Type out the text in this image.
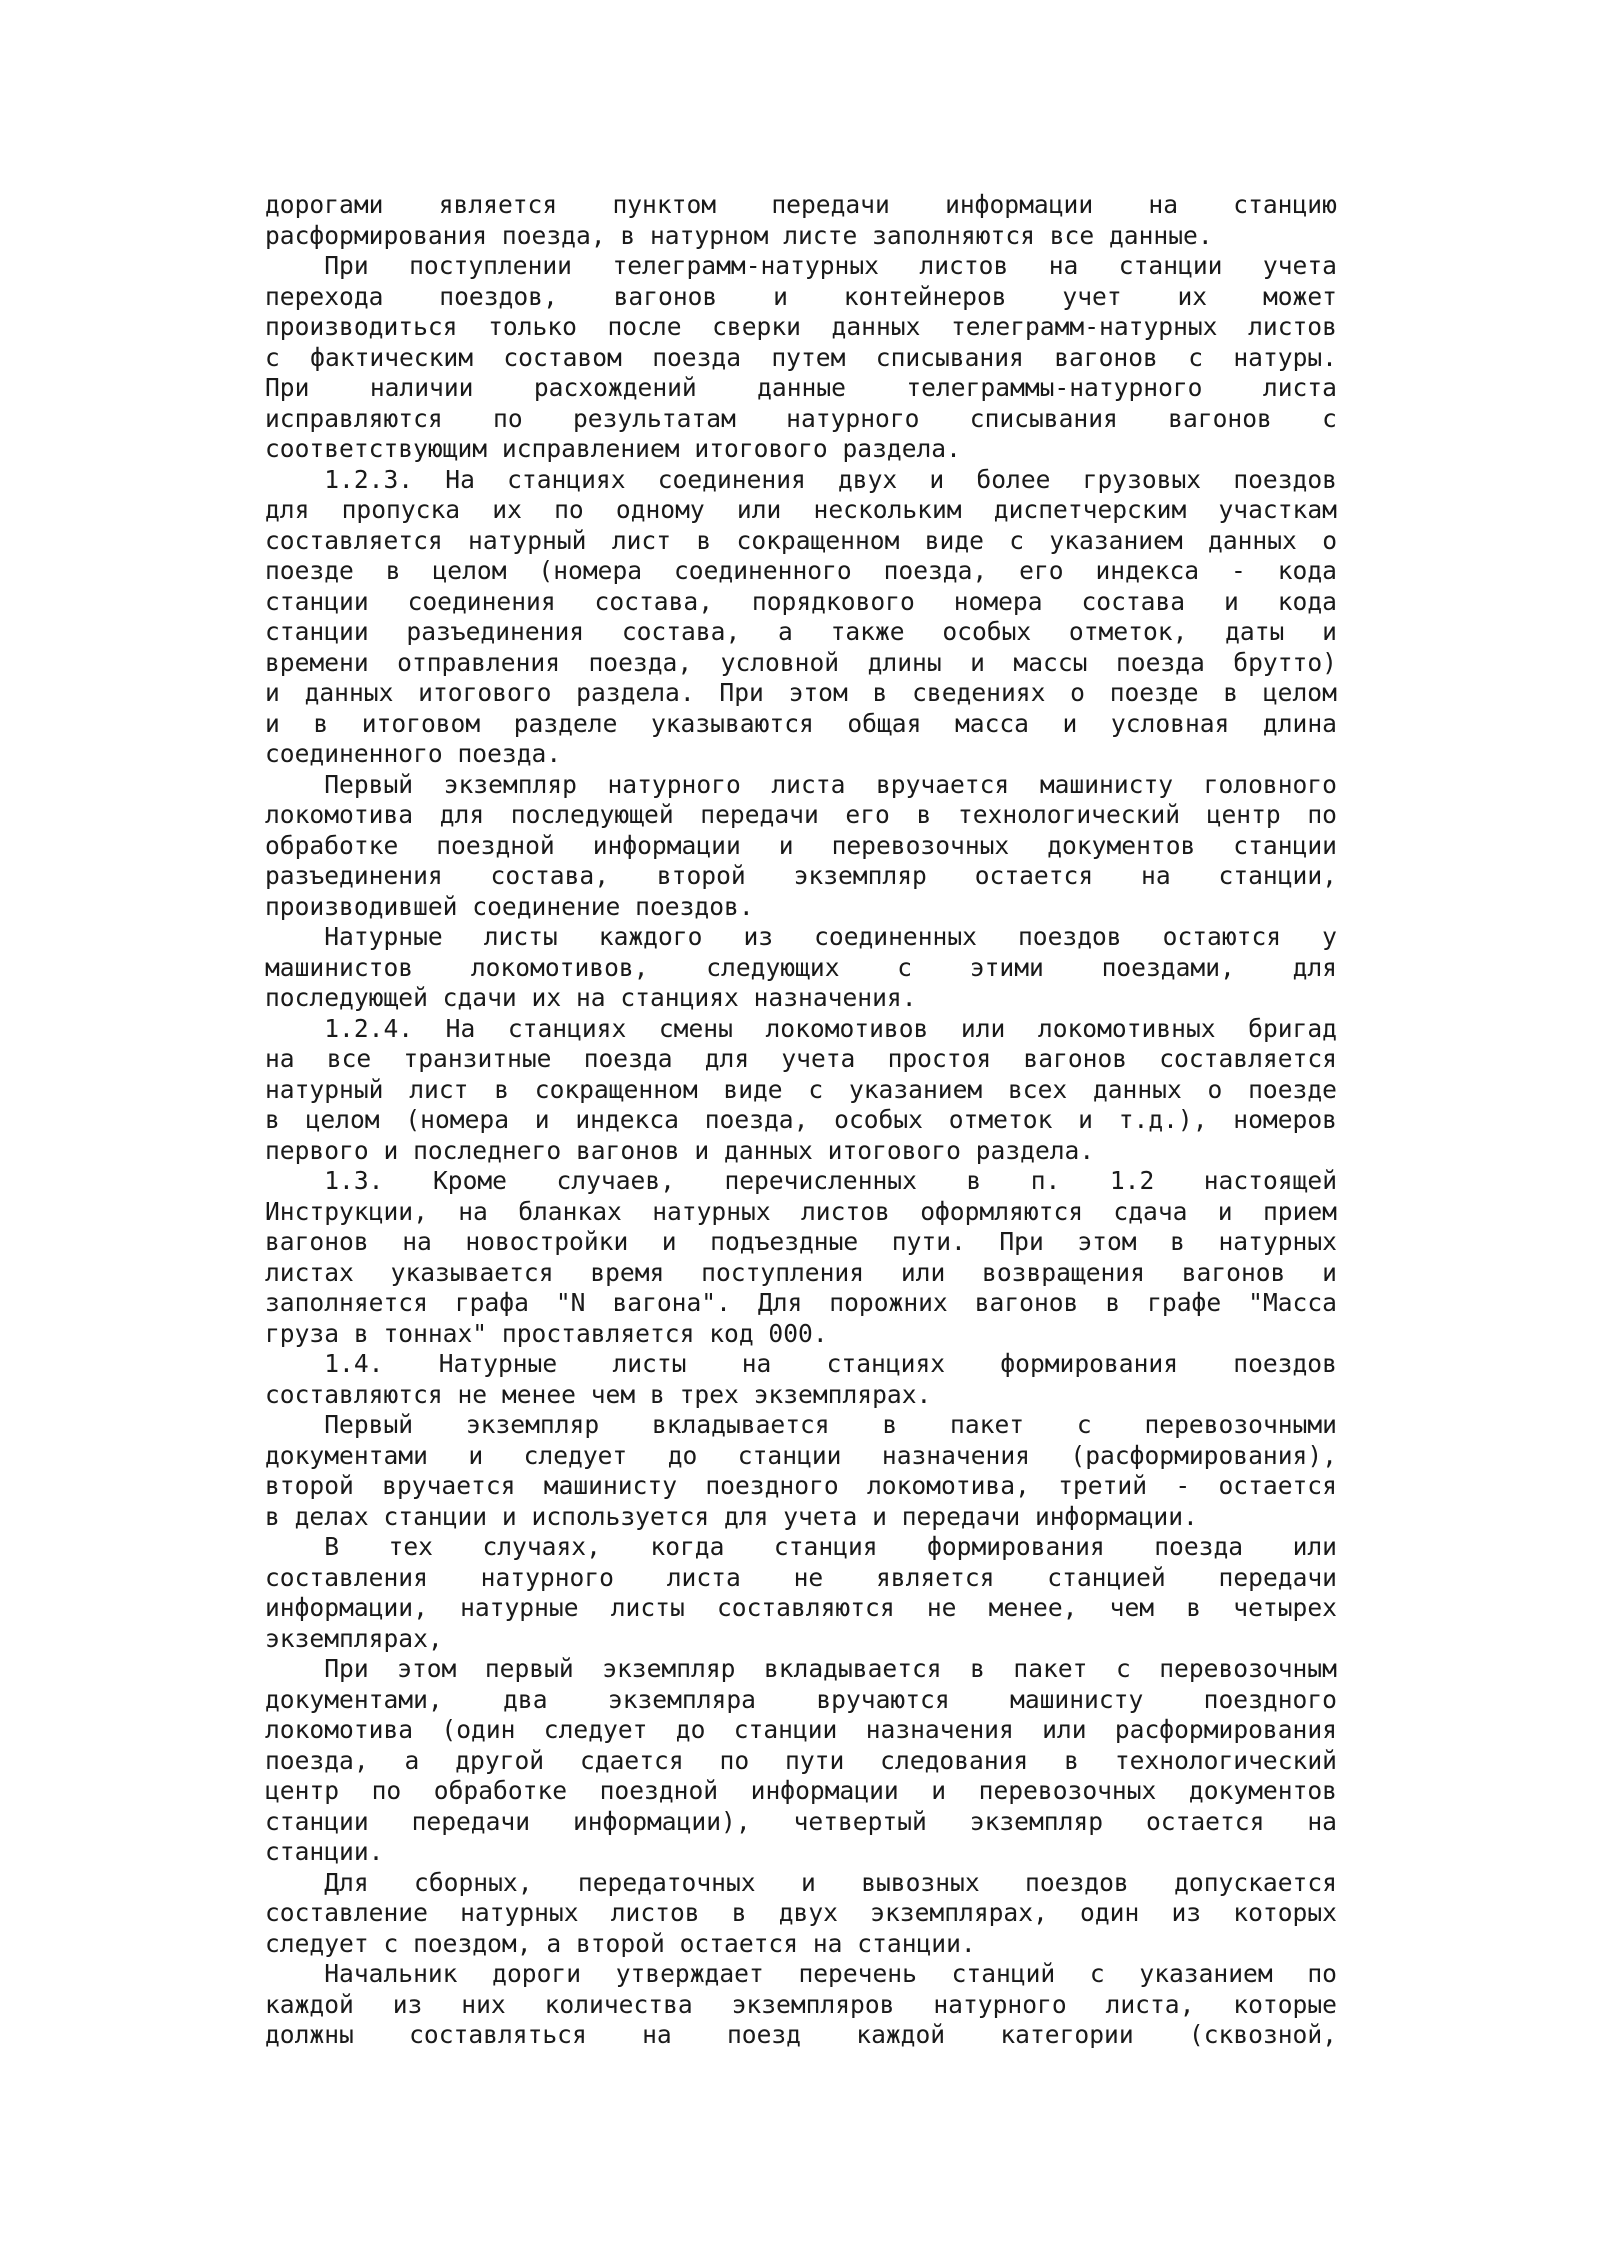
дорогами является пунктом передачи информации на станцию
расформирования поезда, в натурном листе заполняются все данные.
При поступлении телеграмм-натурных листов на станции учета
перехода поездов, вагонов и контейнеров учет их может
производиться только после сверки данных телеграмм-натурных листов
с фактическим составом поезда путем списывания вагонов с натуры.
При наличии расхождений данные телеграммы-натурного листа
исправляются по результатам натурного списывания вагонов с
соответствующим исправлением итогового раздела.
1.2.3. На станциях соединения двух и более грузовых поездов
для пропуска их по одному или нескольким диспетчерским участкам
составляется натурный лист в сокращенном виде с указанием данных о
поезде в целом (номера соединенного поезда, его индекса - кода
станции соединения состава, порядкового номера состава и кода
станции разъединения состава, а также особых отметок, даты и
времени отправления поезда, условной длины и массы поезда брутто)
и данных итогового раздела. При этом в сведениях о поезде в целом
и в итоговом разделе указываются общая масса и условная длина
соединенного поезда.
Первый экземпляр натурного листа вручается машинисту головного
локомотива для последующей передачи его в технологический центр по
обработке поездной информации и перевозочных документов станции
разъединения состава, второй экземпляр остается на станции,
производившей соединение поездов.
Натурные листы каждого из соединенных поездов остаются у
машинистов локомотивов, следующих с этими поездами, для
последующей сдачи их на станциях назначения.
1.2.4. На станциях смены локомотивов или локомотивных бригад
на все транзитные поезда для учета простоя вагонов составляется
натурный лист в сокращенном виде с указанием всех данных о поезде
в целом (номера и индекса поезда, особых отметок и т.д.), номеров
первого и последнего вагонов и данных итогового раздела.
1.3. Кроме случаев, перечисленных в п. 1.2 настоящей
Инструкции, на бланках натурных листов оформляются сдача и прием
вагонов на новостройки и подъездные пути. При этом в натурных
листах указывается время поступления или возвращения вагонов и
заполняется графа "N вагона". Для порожних вагонов в графе "Масса
груза в тоннах" проставляется код 000.
1.4. Натурные листы на станциях формирования поездов
составляются не менее чем в трех экземплярах.
Первый экземпляр вкладывается в пакет с перевозочными
документами и следует до станции назначения (расформирования),
второй вручается машинисту поездного локомотива, третий - остается
в делах станции и используется для учета и передачи информации.
В тех случаях, когда станция формирования поезда или
составления натурного листа не является станцией передачи
информации, натурные листы составляются не менее, чем в четырех
экземплярах,
При этом первый экземпляр вкладывается в пакет с перевозочным
документами, два экземпляра вручаются машинисту поездного
локомотива (один следует до станции назначения или расформирования
поезда, а другой сдается по пути следования в технологический
центр по обработке поездной информации и перевозочных документов
станции передачи информации), четвертый экземпляр остается на
станции.
Для сборных, передаточных и вывозных поездов допускается
составление натурных листов в двух экземплярах, один из которых
следует с поездом, а второй остается на станции.
Начальник дороги утверждает перечень станций с указанием по
каждой из них количества экземпляров натурного листа, которые
должны составляться на поезд каждой категории (сквозной,
